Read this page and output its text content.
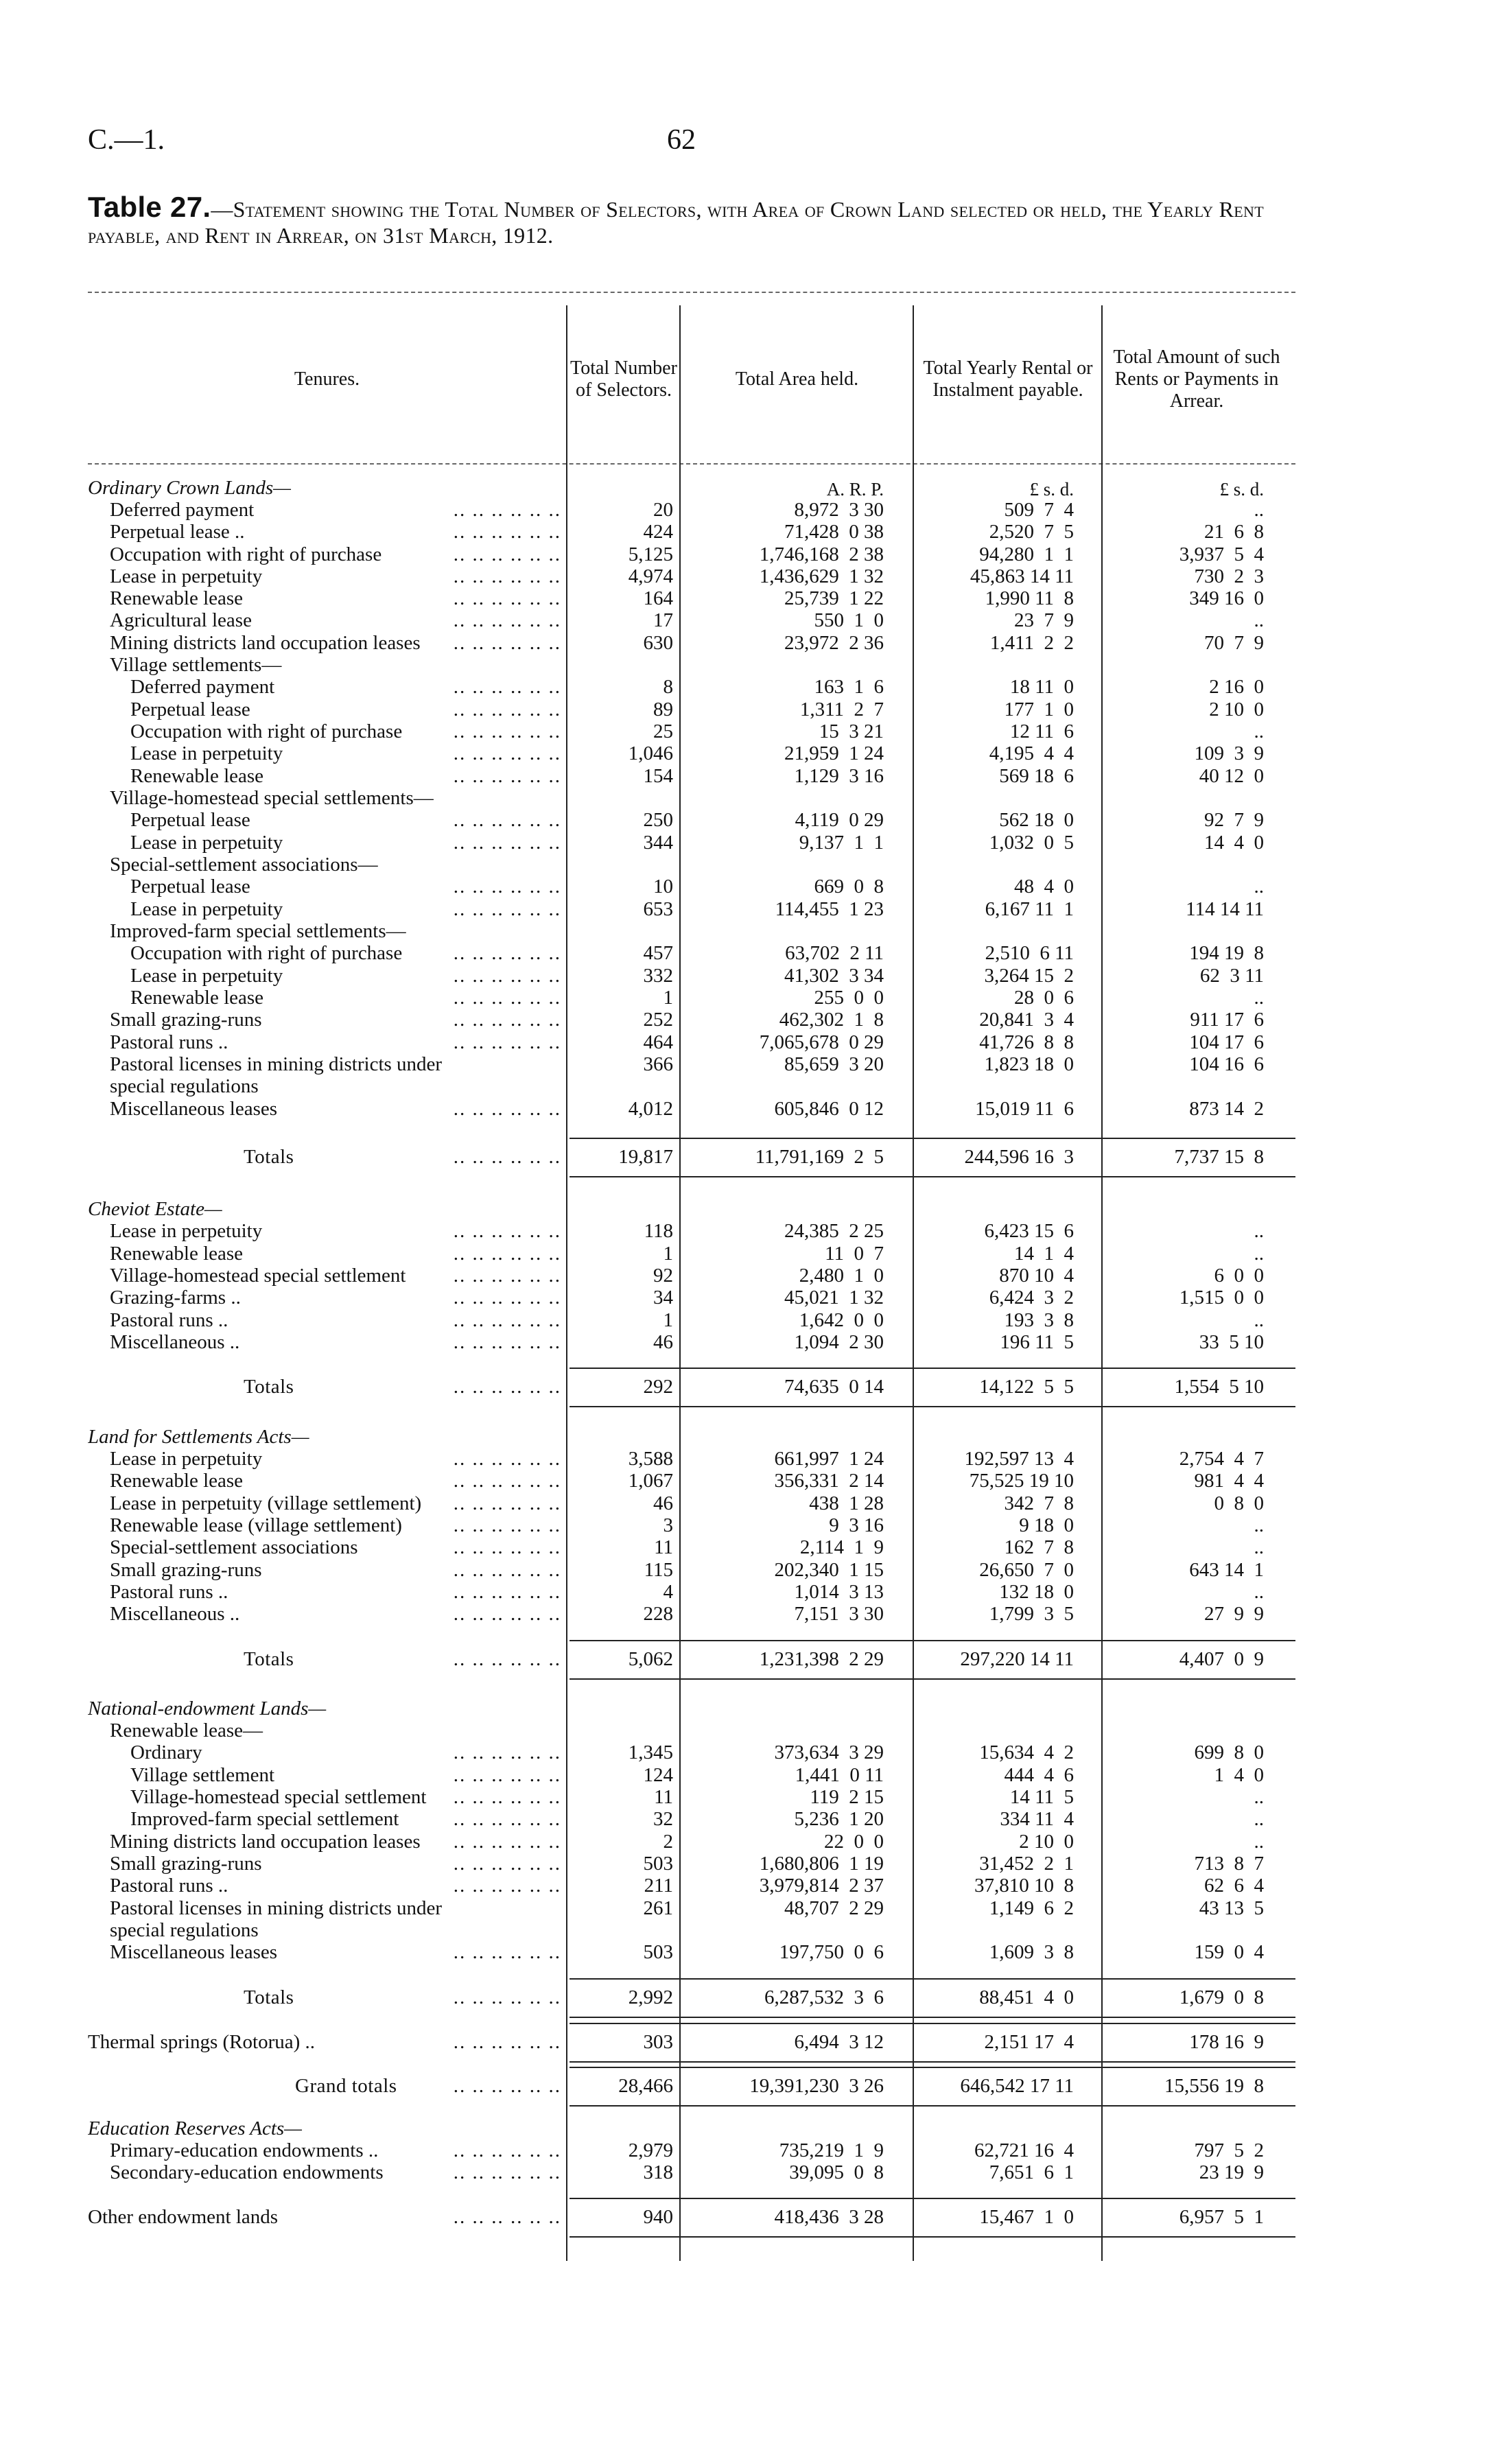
C.—1.	62
Table 27.—Statement showing the Total Number of Selectors, with Area of Crown Land selected or held, the Yearly Rent payable, and Rent in Arrear, on 31st March, 1912.
Tenures.
Total Number of Selectors.
Total Area held.
Total Yearly Rental or Instalment payable.
Total Amount of such Rents or Payments in Arrear.
A. R. P.	£ s. d.	£ s. d.
Ordinary Crown Lands—
Deferred payment	.. .. .. .. .. ..	20	8,972  3 30	509  7  4	..
Perpetual lease ..	.. .. .. .. .. ..	424	71,428  0 38	2,520  7  5	21  6  8
Occupation with right of purchase	.. .. .. .. .. ..	5,125	1,746,168  2 38	94,280  1  1	3,937  5  4
Lease in perpetuity	.. .. .. .. .. ..	4,974	1,436,629  1 32	45,863 14 11	730  2  3
Renewable lease	.. .. .. .. .. ..	164	25,739  1 22	1,990 11  8	349 16  0
Agricultural lease	.. .. .. .. .. ..	17	550  1  0	23  7  9	..
Mining districts land occupation leases .. .. .. .. .. ..	630	23,972  2 36	1,411  2  2	70  7  9
Village settlements—
Deferred payment	.. .. .. .. .. ..	8	163  1  6	18 11  0	2 16  0
Perpetual lease	.. .. .. .. .. ..	89	1,311  2  7	177  1  0	2 10  0
Occupation with right of purchase	.. .. .. .. .. ..	25	15  3 21	12 11  6	..
Lease in perpetuity	.. .. .. .. .. ..	1,046	21,959  1 24	4,195  4  4	109  3  9
Renewable lease	.. .. .. .. .. ..	154	1,129  3 16	569 18  6	40 12  0
Village-homestead special settlements—
Perpetual lease	.. .. .. .. .. ..	250	4,119  0 29	562 18  0	92  7  9
Lease in perpetuity	.. .. .. .. .. ..	344	9,137  1  1	1,032  0  5	14  4  0
Special-settlement associations—
Perpetual lease	.. .. .. .. .. ..	10	669  0  8	48  4  0	..
Lease in perpetuity	.. .. .. .. .. ..	653	114,455  1 23	6,167 11  1	114 14 11
Improved-farm special settlements—
Occupation with right of purchase	.. .. .. .. .. ..	457	63,702  2 11	2,510  6 11	194 19  8
Lease in perpetuity	.. .. .. .. .. ..	332	41,302  3 34	3,264 15  2	62  3 11
Renewable lease	.. .. .. .. .. ..	1	255  0  0	28  0  6	..
Small grazing-runs	.. .. .. .. .. ..	252	462,302  1  8	20,841  3  4	911 17  6
Pastoral runs ..	.. .. .. .. .. ..	464	7,065,678  0 29	41,726  8  8	104 17  6
Pastoral licenses in mining districts under	366	85,659  3 20	1,823 18  0	104 16  6
special regulations
Miscellaneous leases	.. .. .. .. .. ..	4,012	605,846  0 12	15,019 11  6	873 14  2
Totals	.. .. .. .. .. ..	19,817	11,791,169  2  5	244,596 16  3	7,737 15  8
Cheviot Estate—
Lease in perpetuity	.. .. .. .. .. ..	118	24,385  2 25	6,423 15  6	..
Renewable lease	.. .. .. .. .. ..	1	11  0  7	14  1  4	..
Village-homestead special settlement .. .. .. .. .. ..	92	2,480  1  0	870 10  4	6  0  0
Grazing-farms ..	.. .. .. .. .. ..	34	45,021  1 32	6,424  3  2	1,515  0  0
Pastoral runs ..	.. .. .. .. .. ..	1	1,642  0  0	193  3  8	..
Miscellaneous ..	.. .. .. .. .. ..	46	1,094  2 30	196 11  5	33  5 10
Totals	.. .. .. .. .. ..	292	74,635  0 14	14,122  5  5	1,554  5 10
Land for Settlements Acts—
Lease in perpetuity	.. .. .. .. .. ..	3,588	661,997  1 24	192,597 13  4	2,754  4  7
Renewable lease	.. .. .. .. .. ..	1,067	356,331  2 14	75,525 19 10	981  4  4
Lease in perpetuity (village settlement) .. .. .. .. .. ..	46	438  1 28	342  7  8	0  8  0
Renewable lease (village settlement)	.. .. .. .. .. ..	3	9  3 16	9 18  0	..
Special-settlement associations	.. .. .. .. .. ..	11	2,114  1  9	162  7  8	..
Small grazing-runs	.. .. .. .. .. ..	115	202,340  1 15	26,650  7  0	643 14  1
Pastoral runs ..	.. .. .. .. .. ..	4	1,014  3 13	132 18  0	..
Miscellaneous ..	.. .. .. .. .. ..	228	7,151  3 30	1,799  3  5	27  9  9
Totals	.. .. .. .. .. ..	5,062	1,231,398  2 29	297,220 14 11	4,407  0  9
National-endowment Lands—
Renewable lease—
Ordinary	.. .. .. .. .. ..	1,345	373,634  3 29	15,634  4  2	699  8  0
Village settlement	.. .. .. .. .. ..	124	1,441  0 11	444  4  6	1  4  0
Village-homestead special settlement .. .. .. .. .. ..	11	119  2 15	14 11  5	..
Improved-farm special settlement	.. .. .. .. .. ..	32	5,236  1 20	334 11  4	..
Mining districts land occupation leases .. .. .. .. .. ..	2	22  0  0	2 10  0	..
Small grazing-runs	.. .. .. .. .. ..	503	1,680,806  1 19	31,452  2  1	713  8  7
Pastoral runs ..	.. .. .. .. .. ..	211	3,979,814  2 37	37,810 10  8	62  6  4
Pastoral licenses in mining districts under	261	48,707  2 29	1,149  6  2	43 13  5
special regulations
Miscellaneous leases	.. .. .. .. .. ..	503	197,750  0  6	1,609  3  8	159  0  4
Totals	.. .. .. .. .. ..	2,992	6,287,532  3  6	88,451  4  0	1,679  0  8
Thermal springs (Rotorua) ..	.. .. .. .. .. ..	303	6,494  3 12	2,151 17  4	178 16  9
Grand totals	.. .. .. .. .. ..	28,466	19,391,230  3 26	646,542 17 11	15,556 19  8
Education Reserves Acts—
Primary-education endowments ..	.. .. .. .. .. ..	2,979	735,219  1  9	62,721 16  4	797  5  2
Secondary-education endowments	.. .. .. .. .. ..	318	39,095  0  8	7,651  6  1	23 19  9
Other endowment lands	.. .. .. .. .. ..	940	418,436  3 28	15,467  1  0	6,957  5  1
